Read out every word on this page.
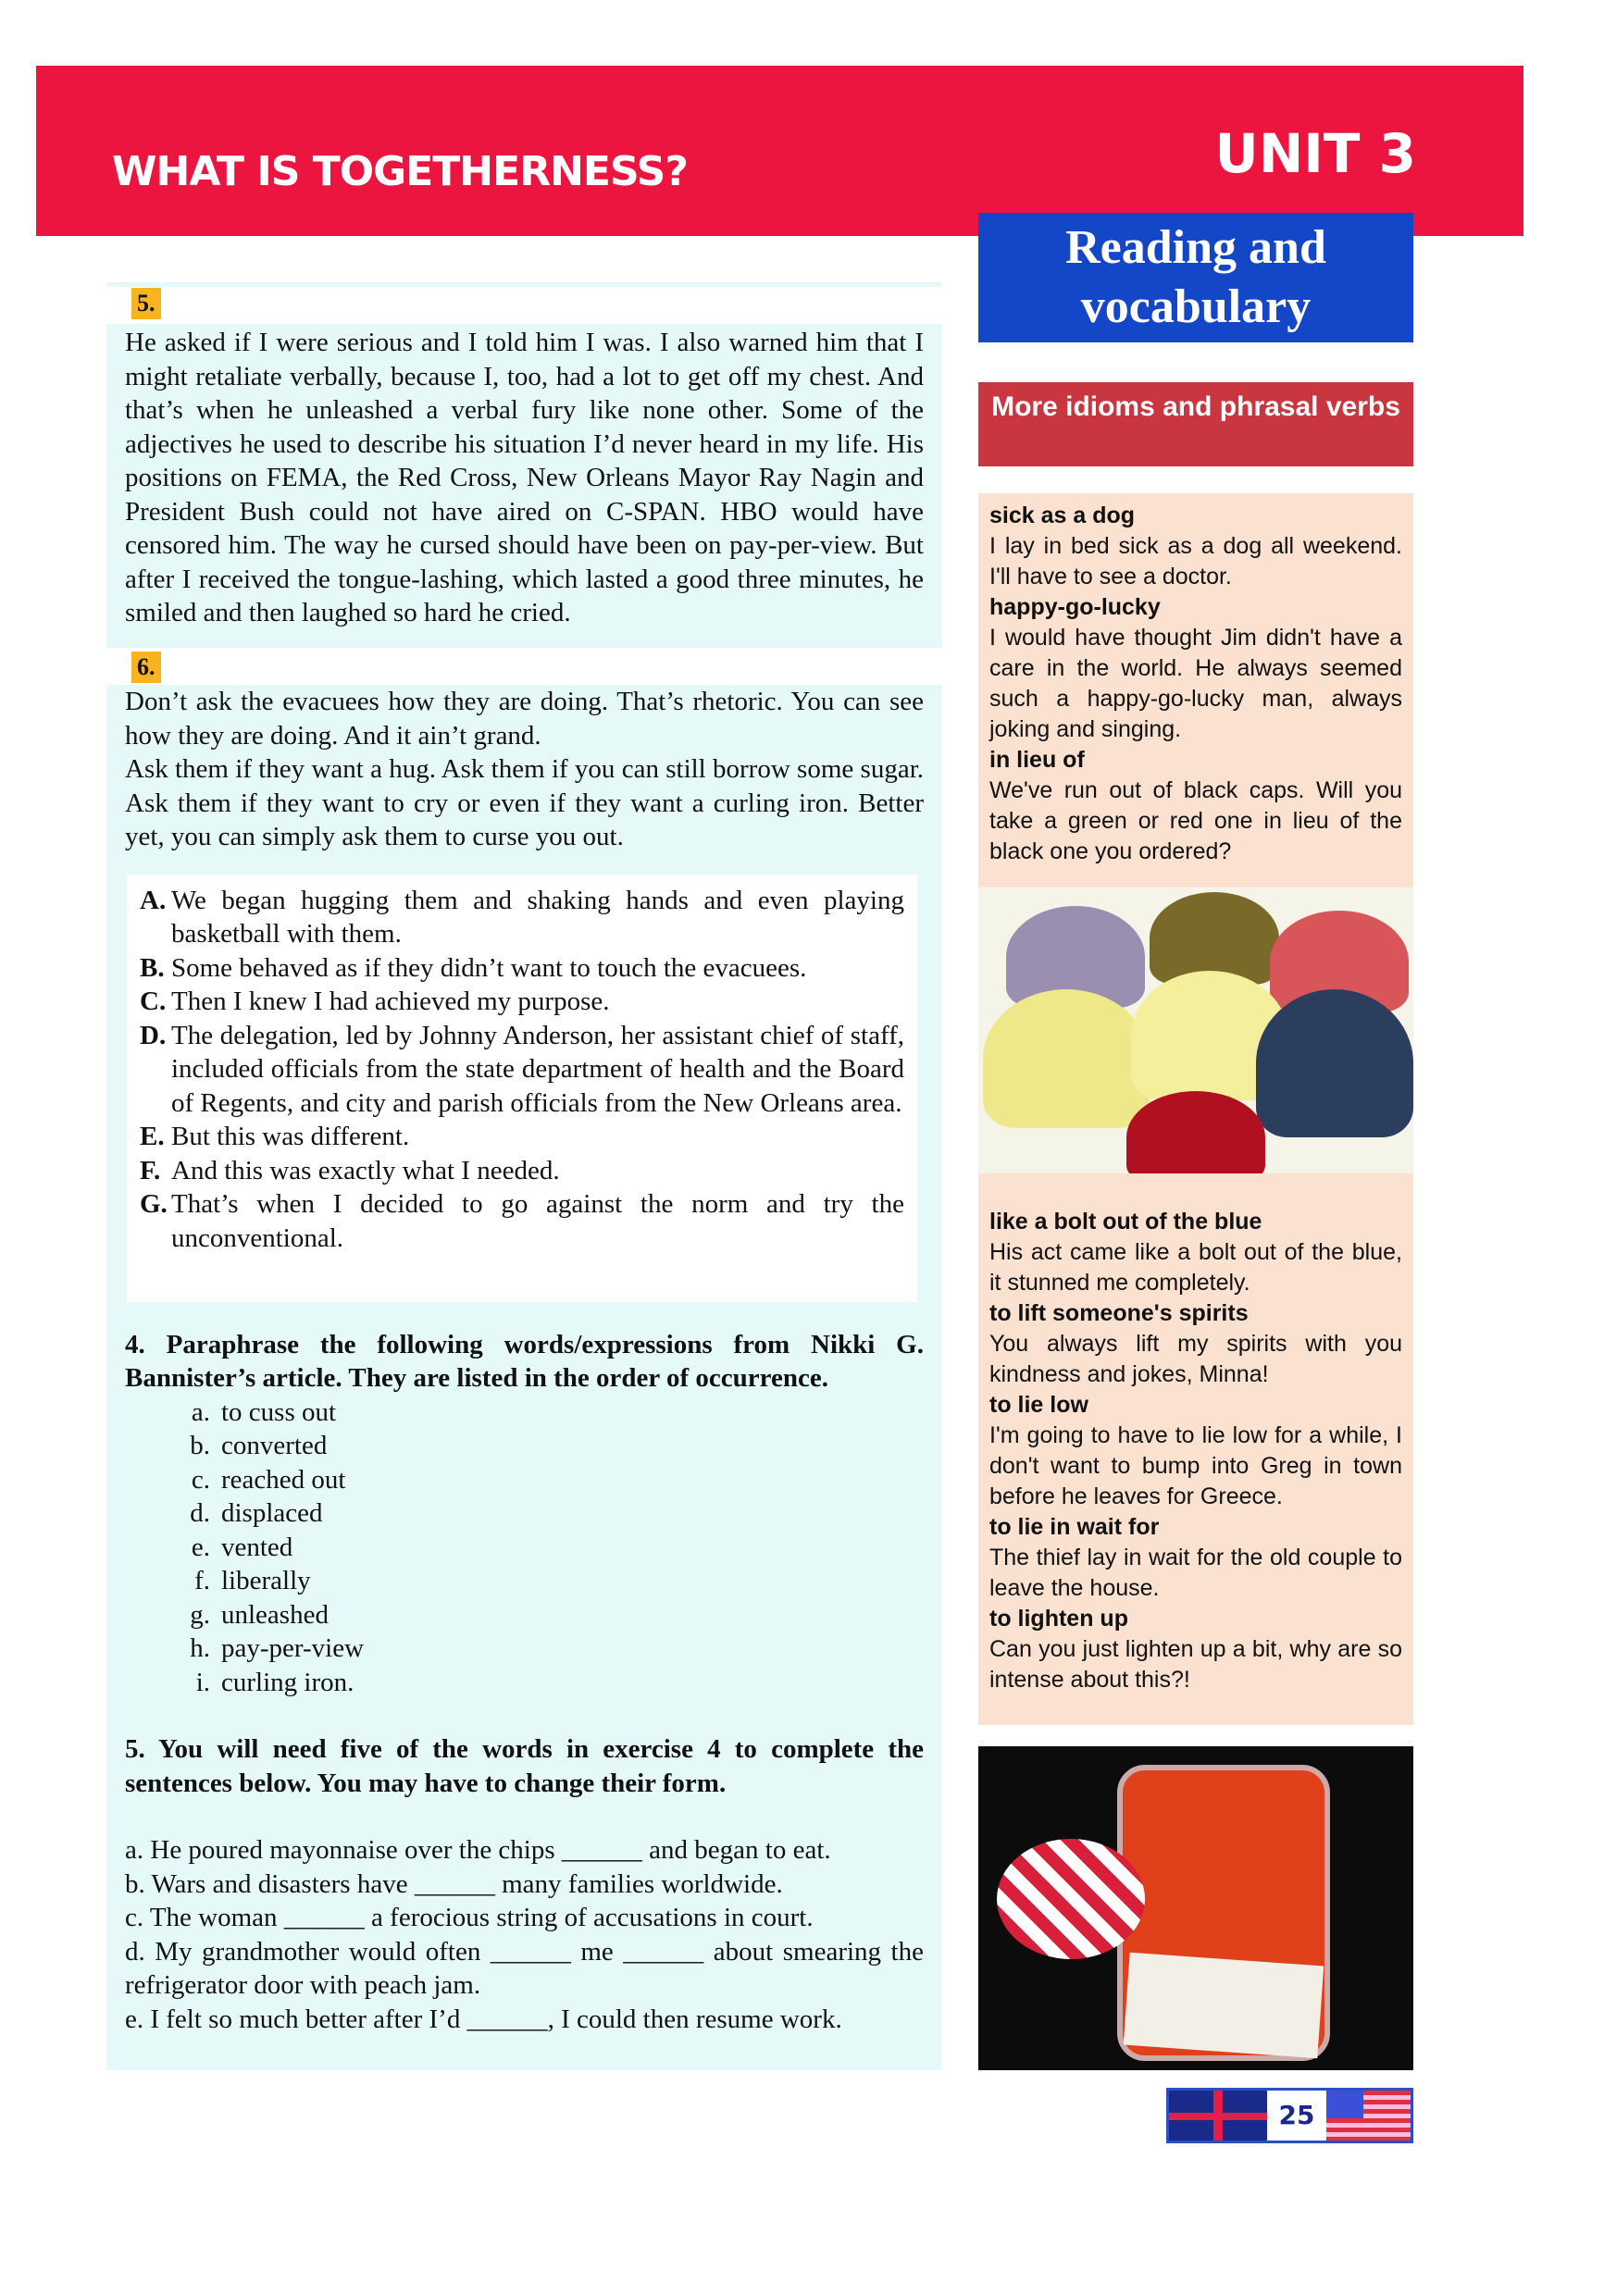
WHAT IS TOGETHERNESS?	UNIT 3
Reading and vocabulary
More idioms and phrasal verbs
sick as a dog
I lay in bed sick as a dog all weekend. I'll have to see a doctor.
happy-go-lucky
I would have thought Jim didn't have a care in the world. He always seemed such a happy-go-lucky man, always joking and singing.
in lieu of
We've run out of black caps. Will you take a green or red one in lieu of the black one you ordered?
like a bolt out of the blue
His act came like a bolt out of the blue, it stunned me completely.
to lift someone's spirits
You always lift my spirits with you kindness and jokes, Minna!
to lie low
I'm going to have to lie low for a while, I don't want to bump into Greg in town before he leaves for Greece.
to lie in wait for
The thief lay in wait for the old couple to leave the house.
to lighten up
Can you just lighten up a bit, why are so intense about this?!
25
5.
He asked if I were serious and I told him I was. I also warned him that I might retaliate verbally, because I, too, had a lot to get off my chest. And that’s when he unleashed a verbal fury like none other. Some of the adjectives he used to describe his situation I’d never heard in my life. His positions on FEMA, the Red Cross, New Orleans Mayor Ray Nagin and President Bush could not have aired on C-SPAN. HBO would have censored him. The way he cursed should have been on pay-per-view. But after I received the tongue-lashing, which lasted a good three minutes, he smiled and then laughed so hard he cried.
6.
Don’t ask the evacuees how they are doing. That’s rhetoric. You can see how they are doing. And it ain’t grand.
Ask them if they want a hug. Ask them if you can still borrow some sugar. Ask them if they want to cry or even if they want a curling iron. Better yet, you can simply ask them to curse you out.
A. We began hugging them and shaking hands and even playing basketball with them.
B. Some behaved as if they didn’t want to touch the evacuees.
C. Then I knew I had achieved my purpose.
D. The delegation, led by Johnny Anderson, her assistant chief of staff, included officials from the state department of health and the Board of Regents, and city and parish officials from the New Orleans area.
E. But this was different.
F. And this was exactly what I needed.
G. That’s when I decided to go against the norm and try the unconventional.
4. Paraphrase the following words/expressions from Nikki G. Bannister’s article. They are listed in the order of occurrence.
a. to cuss out
b. converted
c. reached out
d. displaced
e. vented
f. liberally
g. unleashed
h. pay-per-view
i. curling iron.
5. You will need five of the words in exercise 4 to complete the sentences below. You may have to change their form.
a. He poured mayonnaise over the chips ______ and began to eat.
b. Wars and disasters have ______ many families worldwide.
c. The woman ______ a ferocious string of accusations in court.
d. My grandmother would often ______ me ______ about smearing the refrigerator door with peach jam.
e. I felt so much better after I’d ______, I could then resume work.
